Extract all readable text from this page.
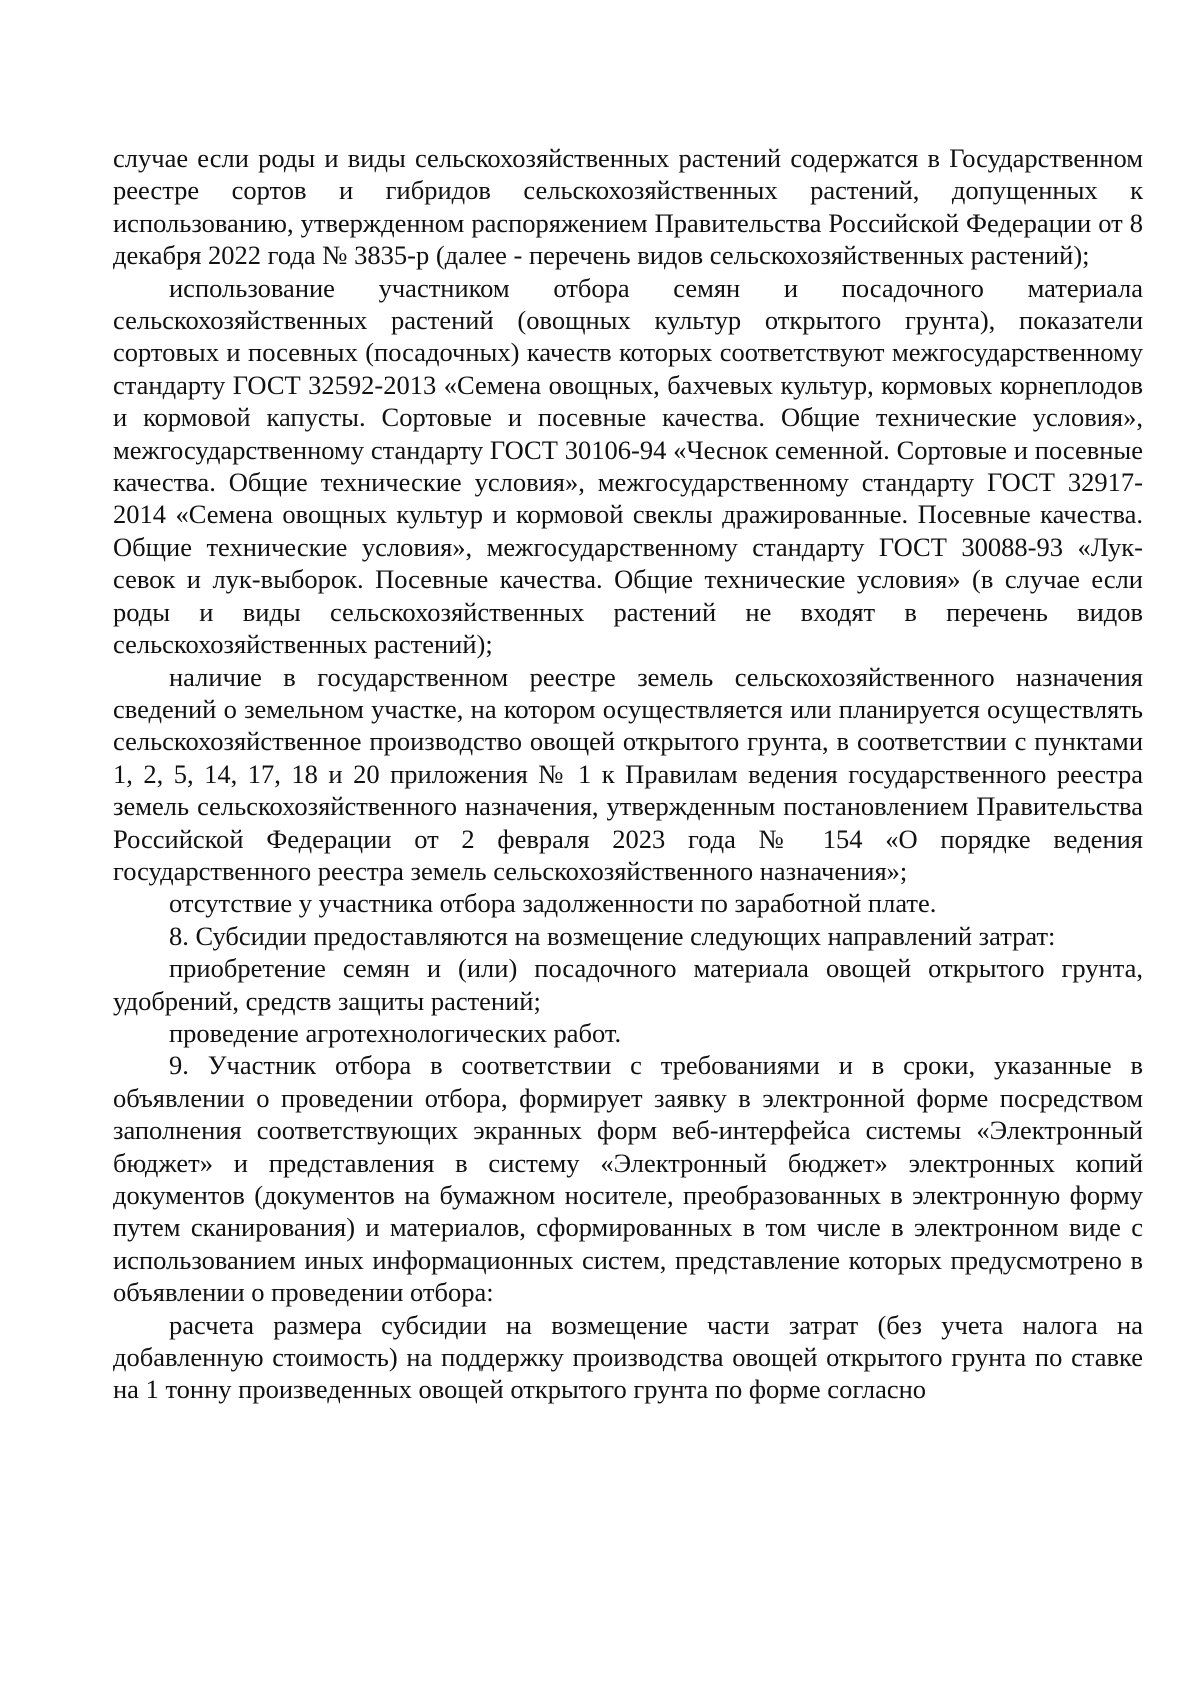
случае если роды и виды сельскохозяйственных растений содержатся в Государственном реестре сортов и гибридов сельскохозяйственных растений, допущенных к использованию, утвержденном распоряжением Правительства Российской Федерации от 8 декабря 2022 года № 3835-р (далее - перечень видов сельскохозяйственных растений);

использование участником отбора семян и посадочного материала сельскохозяйственных растений (овощных культур открытого грунта), показатели сортовых и посевных (посадочных) качеств которых соответствуют межгосударственному стандарту ГОСТ 32592-2013 «Семена овощных, бахчевых культур, кормовых корнеплодов и кормовой капусты. Сортовые и посевные качества. Общие технические условия», межгосударственному стандарту ГОСТ 30106-94 «Чеснок семенной. Сортовые и посевные качества. Общие технические условия», межгосударственному стандарту ГОСТ 32917-2014 «Семена овощных культур и кормовой свеклы дражированные. Посевные качества. Общие технические условия», межгосударственному стандарту ГОСТ 30088-93 «Лук-севок и лук-выборок. Посевные качества. Общие технические условия» (в случае если роды и виды сельскохозяйственных растений не входят в перечень видов сельскохозяйственных растений);

наличие в государственном реестре земель сельскохозяйственного назначения сведений о земельном участке, на котором осуществляется или планируется осуществлять сельскохозяйственное производство овощей открытого грунта, в соответствии с пунктами 1, 2, 5, 14, 17, 18 и 20 приложения № 1 к Правилам ведения государственного реестра земель сельскохозяйственного назначения, утвержденным постановлением Правительства Российской Федерации от 2 февраля 2023 года № 154 «О порядке ведения государственного реестра земель сельскохозяйственного назначения»;

отсутствие у участника отбора задолженности по заработной плате.

8. Субсидии предоставляются на возмещение следующих направлений затрат:

приобретение семян и (или) посадочного материала овощей открытого грунта, удобрений, средств защиты растений;

проведение агротехнологических работ.

9. Участник отбора в соответствии с требованиями и в сроки, указанные в объявлении о проведении отбора, формирует заявку в электронной форме посредством заполнения соответствующих экранных форм веб-интерфейса системы «Электронный бюджет» и представления в систему «Электронный бюджет» электронных копий документов (документов на бумажном носителе, преобразованных в электронную форму путем сканирования) и материалов, сформированных в том числе в электронном виде с использованием иных информационных систем, представление которых предусмотрено в объявлении о проведении отбора:

расчета размера субсидии на возмещение части затрат (без учета налога на добавленную стоимость) на поддержку производства овощей открытого грунта по ставке на 1 тонну произведенных овощей открытого грунта по форме согласно
